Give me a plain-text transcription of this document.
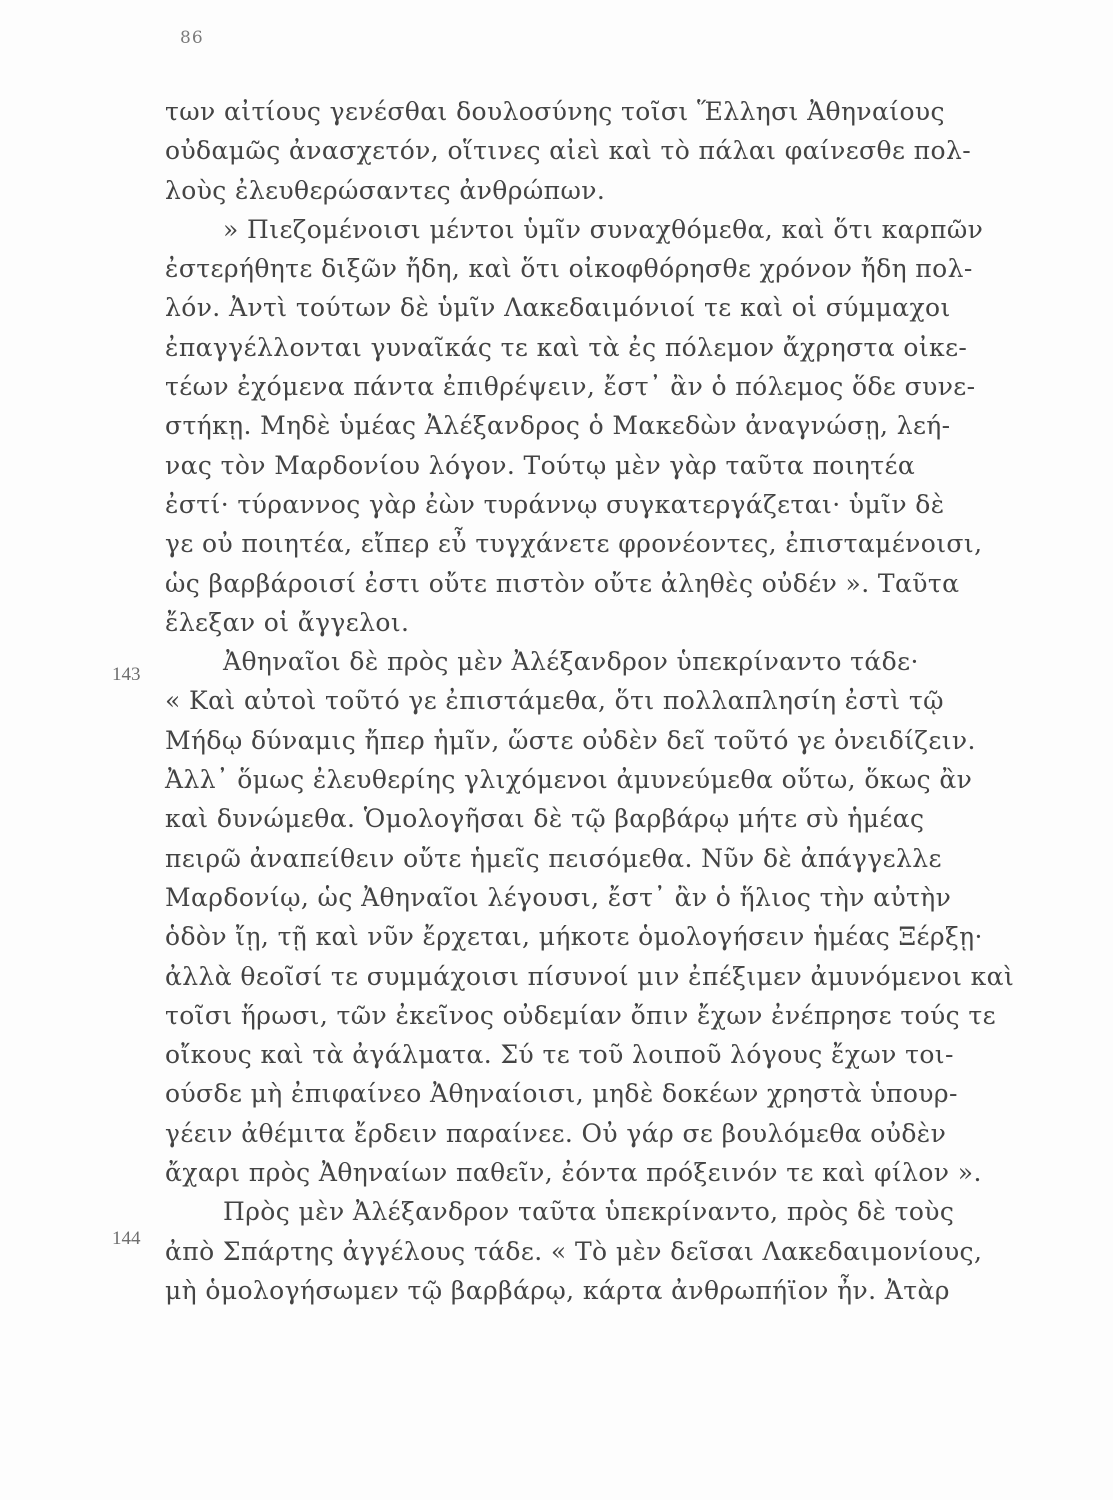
86
143
144
των αἰτίους γενέσθαι δουλοσύνης τοῖσι Ἕλλησι Ἀθηναίους
οὐδαμῶς ἀνασχετόν, οἵτινες αἰεὶ καὶ τὸ πάλαι φαίνεσθε πολ-
λοὺς ἐλευθερώσαντες ἀνθρώπων.
» Πιεζομένοισι μέντοι ὑμῖν συναχθόμεθα, καὶ ὅτι καρπῶν
ἐστερήθητε διξῶν ἤδη, καὶ ὅτι οἰκοφθόρησθε χρόνον ἤδη πολ-
λόν. Ἀντὶ τούτων δὲ ὑμῖν Λακεδαιμόνιοί τε καὶ οἱ σύμμαχοι
ἐπαγγέλλονται γυναῖκάς τε καὶ τὰ ἐς πόλεμον ἄχρηστα οἰκε-
τέων ἐχόμενα πάντα ἐπιθρέψειν, ἔστ᾽ ἂν ὁ πόλεμος ὅδε συνε-
στήκῃ. Μηδὲ ὑμέας Ἀλέξανδρος ὁ Μακεδὼν ἀναγνώσῃ, λεή-
νας τὸν Μαρδονίου λόγον. Τούτῳ μὲν γὰρ ταῦτα ποιητέα
ἐστί· τύραννος γὰρ ἐὼν τυράννῳ συγκατεργάζεται· ὑμῖν δὲ
γε οὐ ποιητέα, εἴπερ εὖ τυγχάνετε φρονέοντες, ἐπισταμένοισι,
ὡς βαρβάροισί ἐστι οὔτε πιστὸν οὔτε ἀληθὲς οὐδέν ». Ταῦτα
ἔλεξαν οἱ ἄγγελοι.
Ἀθηναῖοι δὲ πρὸς μὲν Ἀλέξανδρον ὑπεκρίναντο τάδε·
« Καὶ αὐτοὶ τοῦτό γε ἐπιστάμεθα, ὅτι πολλαπλησίη ἐστὶ τῷ
Μήδῳ δύναμις ἤπερ ἡμῖν, ὥστε οὐδὲν δεῖ τοῦτό γε ὀνειδίζειν.
Ἀλλ᾽ ὅμως ἐλευθερίης γλιχόμενοι ἀμυνεύμεθα οὕτω, ὅκως ἂν
καὶ δυνώμεθα. Ὁμολογῆσαι δὲ τῷ βαρβάρῳ μήτε σὺ ἡμέας
πειρῶ ἀναπείθειν οὔτε ἡμεῖς πεισόμεθα. Νῦν δὲ ἀπάγγελλε
Μαρδονίῳ, ὡς Ἀθηναῖοι λέγουσι, ἔστ᾽ ἂν ὁ ἥλιος τὴν αὐτὴν
ὁδὸν ἴῃ, τῇ καὶ νῦν ἔρχεται, μήκοτε ὁμολογήσειν ἡμέας Ξέρξῃ·
ἀλλὰ θεοῖσί τε συμμάχοισι πίσυνοί μιν ἐπέξιμεν ἀμυνόμενοι καὶ
τοῖσι ἥρωσι, τῶν ἐκεῖνος οὐδεμίαν ὄπιν ἔχων ἐνέπρησε τούς τε
οἴκους καὶ τὰ ἀγάλματα. Σύ τε τοῦ λοιποῦ λόγους ἔχων τοι-
ούσδε μὴ ἐπιφαίνεο Ἀθηναίοισι, μηδὲ δοκέων χρηστὰ ὑπουρ-
γέειν ἀθέμιτα ἔρδειν παραίνεε. Οὐ γάρ σε βουλόμεθα οὐδὲν
ἄχαρι πρὸς Ἀθηναίων παθεῖν, ἐόντα πρόξεινόν τε καὶ φίλον ».
Πρὸς μὲν Ἀλέξανδρον ταῦτα ὑπεκρίναντο, πρὸς δὲ τοὺς
ἀπὸ Σπάρτης ἀγγέλους τάδε. « Τὸ μὲν δεῖσαι Λακεδαιμονίους,
μὴ ὁμολογήσωμεν τῷ βαρβάρῳ, κάρτα ἀνθρωπήϊον ἦν. Ἀτὰρ
